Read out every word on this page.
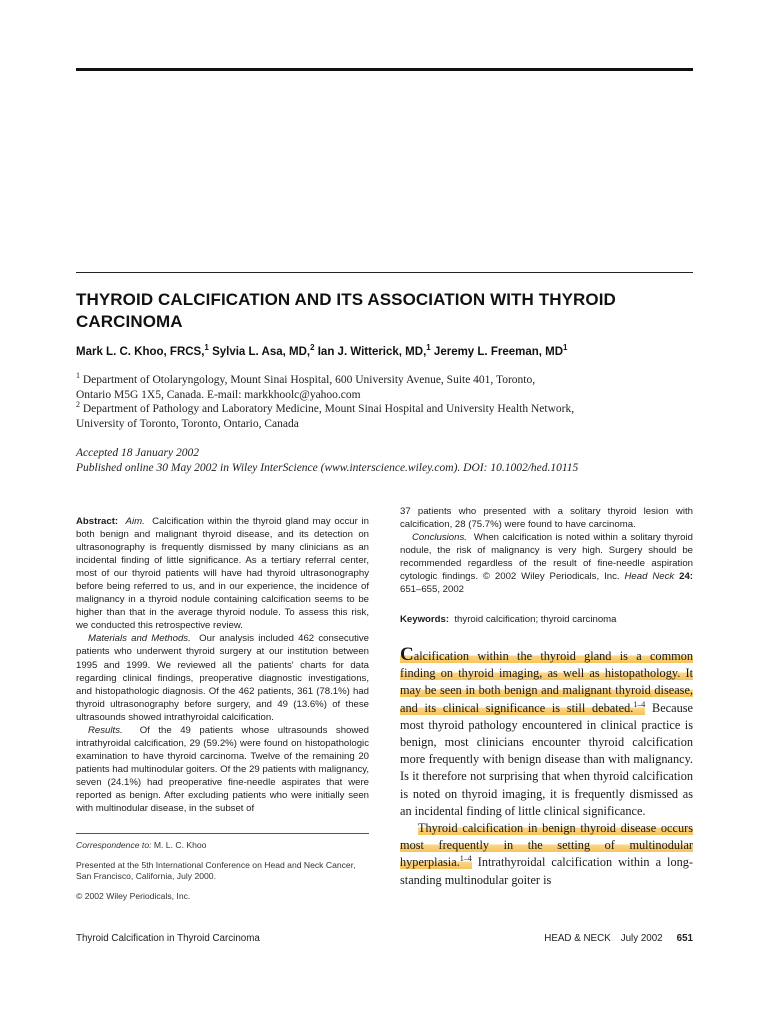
THYROID CALCIFICATION AND ITS ASSOCIATION WITH THYROID CARCINOMA
Mark L. C. Khoo, FRCS,$^1$ Sylvia L. Asa, MD,$^2$ Ian J. Witterick, MD,$^1$ Jeremy L. Freeman, $MD^1$
$^1$ Department of Otolaryngology, Mount Sinai Hospital, 600 University Avenue, Suite 401, Toronto,
Ontario M5G 1X5, Canada. E-mail: markkhoolc@yahoo.com
$^2$ Department of Pathology and Laboratory Medicine, Mount Sinai Hospital and University Health Network,
University of Toronto, Toronto, Ontario, Canada
Accepted 18 January 2002
Published online 30 May 2002 in Wiley InterScience (www.interscience.wiley.com). DOI: 10.1002/hed.10115

Abstract: Aim. Calcification within the thyroid gland may occur in both benign and malignant thyroid disease, and its detection on ultrasonography is frequently dismissed by many clinicians as an incidental finding of little significance. As a tertiary referral center, most of our thyroid patients will have had thyroid ultrasonography before being referred to us, and in our experience, the incidence of malignancy in a thyroid nodule containing calcification seems to be higher than that in the average thyroid nodule. To assess this risk, we conducted this retrospective review.

Materials and Methods. Our analysis included 462 consecutive patients who underwent thyroid surgery at our institution between 1995 and 1999. We reviewed all the patients' charts for data regarding clinical findings, preoperative diagnostic investigations, and histopathologic diagnosis. Of the 462 patients, 361 (78.1%) had thyroid ultrasonography before surgery, and 49 (13.6%) of these ultrasounds showed intrathyroidal calcification.

Results. Of the 49 patients whose ultrasounds showed intrathyroidal calcification, 29 (59.2%) were found on histopathologic examination to have thyroid carcinoma. Twelve of the remaining 20 patients had multinodular goiters. Of the 29 patients with malignancy, seven (24.1%) had preoperative fine-needle aspirates that were reported as benign. After excluding patients who were initially seen with multinodular disease, in the subset of

37 patients who presented with a solitary thyroid lesion with calcification, 28 (75.7%) were found to have carcinoma.

Conclusions. When calcification is noted within a solitary thyroid nodule, the risk of malignancy is very high. Surgery should be recommended regardless of the result of fine-needle aspiration cytologic findings. © 2002 Wiley Periodicals, Inc. Head Neck 24: 651–655, 2002

Keywords: thyroid calcification; thyroid carcinoma

Calcification within the thyroid gland is a common finding on thyroid imaging, as well as histopathology. It may be seen in both benign and malignant thyroid disease, and its clinical significance is still debated.$^{1-4}$ Because most thyroid pathology encountered in clinical practice is benign, most clinicians encounter thyroid calcification more frequently with benign disease than with malignancy. Is it therefore not surprising that when thyroid calcification is noted on thyroid imaging, it is frequently dismissed as an incidental finding of little clinical significance.

Thyroid calcification in benign thyroid disease occurs most frequently in the setting of multinodular hyperplasia.$^{1-4}$ Intrathyroidal calcification within a long-standing multinodular goiter is

Correspondence to: M. L. C. Khoo

Presented at the 5th International Conference on Head and Neck Cancer, San Francisco, California, July 2000.

© 2002 Wiley Periodicals, Inc.

Thyroid Calcification in Thyroid Carcinoma	HEAD & NECK July 2002 651
